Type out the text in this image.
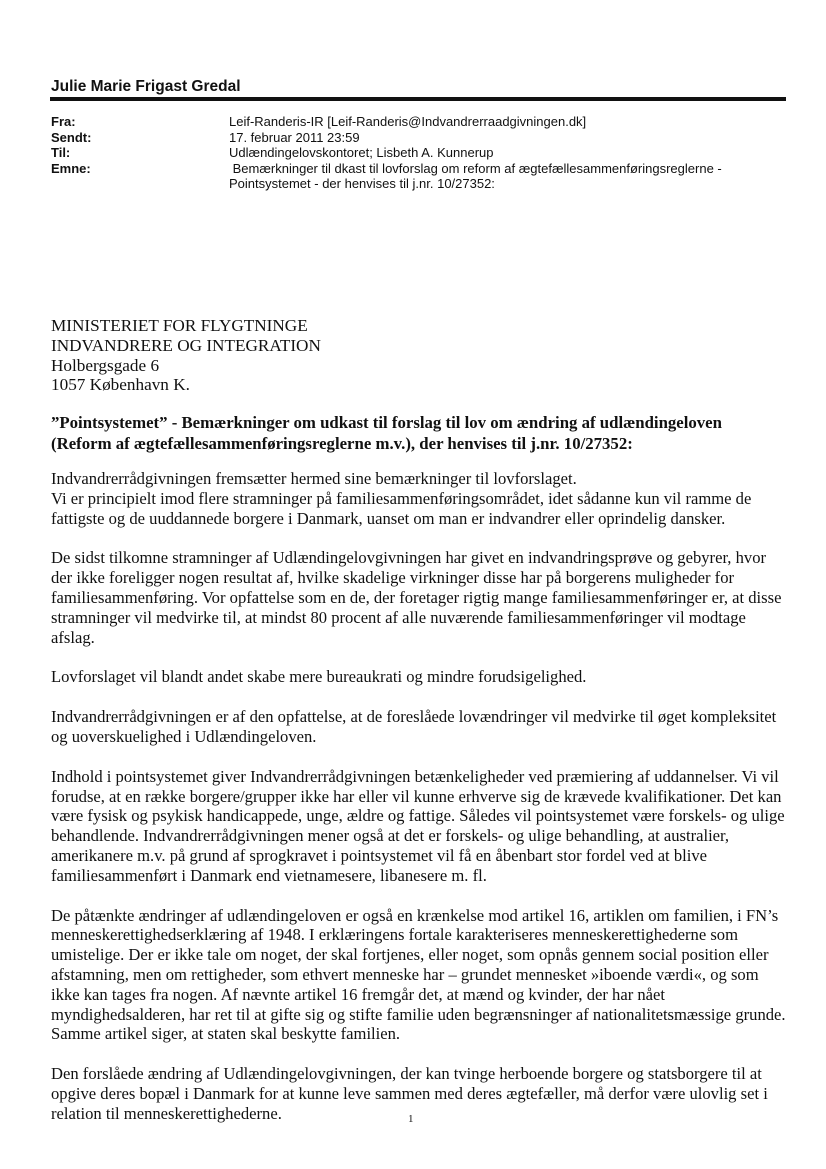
Julie Marie Frigast Gredal
Fra:	Leif-Randeris-IR [Leif-Randeris@Indvandrerraadgivningen.dk]
Sendt:	17. februar 2011 23:59
Til:	Udlændingelovskontoret; Lisbeth A. Kunnerup
Emne:	Bemærkninger til dkast til lovforslag om reform af ægtefællesammenføringsreglerne - Pointsystemet - der henvises til j.nr. 10/27352:
MINISTERIET FOR FLYGTNINGE
INDVANDRERE OG INTEGRATION
Holbergsgade 6
1057 København K.
”Pointsystemet” - Bemærkninger om udkast til forslag til lov om ændring af udlændingeloven (Reform af ægtefællesammenføringsreglerne m.v.), der henvises til j.nr. 10/27352:

Indvandrerrådgivningen fremsætter hermed sine bemærkninger til lovforslaget.
Vi er principielt imod flere stramninger på familiesammenføringsområdet, idet sådanne kun vil ramme de fattigste og de uuddannede borgere i Danmark, uanset om man er indvandrer eller oprindelig dansker.

De sidst tilkomne stramninger af Udlændingelovgivningen har givet en indvandringsprøve og gebyrer, hvor der ikke foreligger nogen resultat af, hvilke skadelige virkninger disse har på borgerens muligheder for familiesammenføring. Vor opfattelse som en de, der foretager rigtig mange familiesammenføringer er, at disse stramninger vil medvirke til, at mindst 80 procent af alle nuværende familiesammenføringer vil modtage afslag.

Lovforslaget vil blandt andet skabe mere bureaukrati og mindre forudsigelighed.

Indvandrerrådgivningen er af den opfattelse, at de foreslåede lovændringer vil medvirke til øget kompleksitet og uoverskuelighed i Udlændingeloven.

Indhold i pointsystemet giver Indvandrerrådgivningen betænkeligheder ved præmiering af uddannelser. Vi vil forudse, at en række borgere/grupper ikke har eller vil kunne erhverve sig de krævede kvalifikationer. Det kan være fysisk og psykisk handicappede, unge, ældre og fattige. Således vil pointsystemet være forskels- og ulige behandlende. Indvandrerrådgivningen mener også at det er forskels- og ulige behandling, at australier, amerikanere m.v. på grund af sprogkravet i pointsystemet vil få en åbenbart stor fordel ved at blive familiesammenført i Danmark end vietnamesere, libanesere m. fl.

De påtænkte ændringer af udlændingeloven er også en krænkelse mod artikel 16, artiklen om familien, i FN’s menneskerettighedserklæring af 1948. I erklæringens fortale karakteriseres menneskerettighederne som umistelige. Der er ikke tale om noget, der skal fortjenes, eller noget, som opnås gennem social position eller afstamning, men om rettigheder, som ethvert menneske har – grundet mennesket »iboende værdi«, og som ikke kan tages fra nogen. Af nævnte artikel 16 fremgår det, at mænd og kvinder, der har nået myndighedsalderen, har ret til at gifte sig og stifte familie uden begrænsninger af nationalitetsmæssige grunde. Samme artikel siger, at staten skal beskytte familien.

Den forslåede ændring af Udlændingelovgivningen, der kan tvinge herboende borgere og statsborgere til at opgive deres bopæl i Danmark for at kunne leve sammen med deres ægtefæller, må derfor være ulovlig set i relation til menneskerettighederne.	1
